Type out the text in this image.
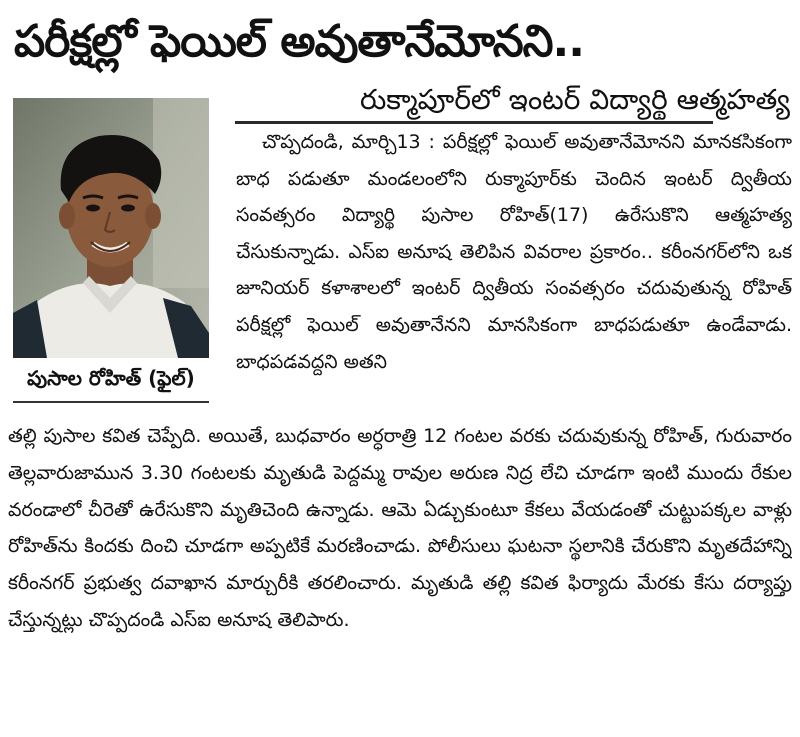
పరీక్షల్లో ఫెయిల్ అవుతానేమోనని..
రుక్మాపూర్‌లో ఇంటర్ విద్యార్థి ఆత్మహత్య
పుసాల రోహిత్ (ఫైల్)
చొప్పదండి, మార్చి13 : పరీక్షల్లో ఫెయిల్ అవుతానేమోనని మానకసికంగా బాధ పడుతూ మండలంలోని రుక్మాపూర్‌కు చెందిన ఇంటర్ ద్వితీయ సంవత్సరం విద్యార్థి పుసాల రోహిత్(17) ఉరేసుకొని ఆత్మహత్య చేసుకున్నాడు. ఎస్ఐ అనూష తెలిపిన వివరాల ప్రకారం.. కరీంనగర్‌లోని ఒక జూనియర్ కళాశాలలో ఇంటర్ ద్వితీయ సంవత్సరం చదువుతున్న రోహిత్ పరీక్షల్లో ఫెయిల్ అవుతానేనని మానసికంగా బాధపడుతూ ఉండేవాడు. బాధపడవద్దని అతని
తల్లి పుసాల కవిత చెప్పేది. అయితే, బుధవారం అర్ధరాత్రి 12 గంటల వరకు చదువుకున్న రోహిత్, గురువారం తెల్లవారుజామున 3.30 గంటలకు మృతుడి పెద్దమ్మ రావుల అరుణ నిద్ర లేచి చూడగా ఇంటి ముందు రేకుల వరండాలో చీరెతో ఉరేసుకొని మృతిచెంది ఉన్నాడు. ఆమె ఏడ్చుకుంటూ కేకలు వేయడంతో చుట్టుపక్కల వాళ్లు రోహిత్‌ను కిందకు దించి చూడగా అప్పటికే మరణించాడు. పోలీసులు ఘటనా స్థలానికి చేరుకొని మృతదేహాన్ని కరీంనగర్ ప్రభుత్వ దవాఖాన మార్చురీకి తరలించారు. మృతుడి తల్లి కవిత ఫిర్యాదు మేరకు కేసు దర్యాప్తు చేస్తున్నట్లు చొప్పదండి ఎస్ఐ అనూష తెలిపారు.
